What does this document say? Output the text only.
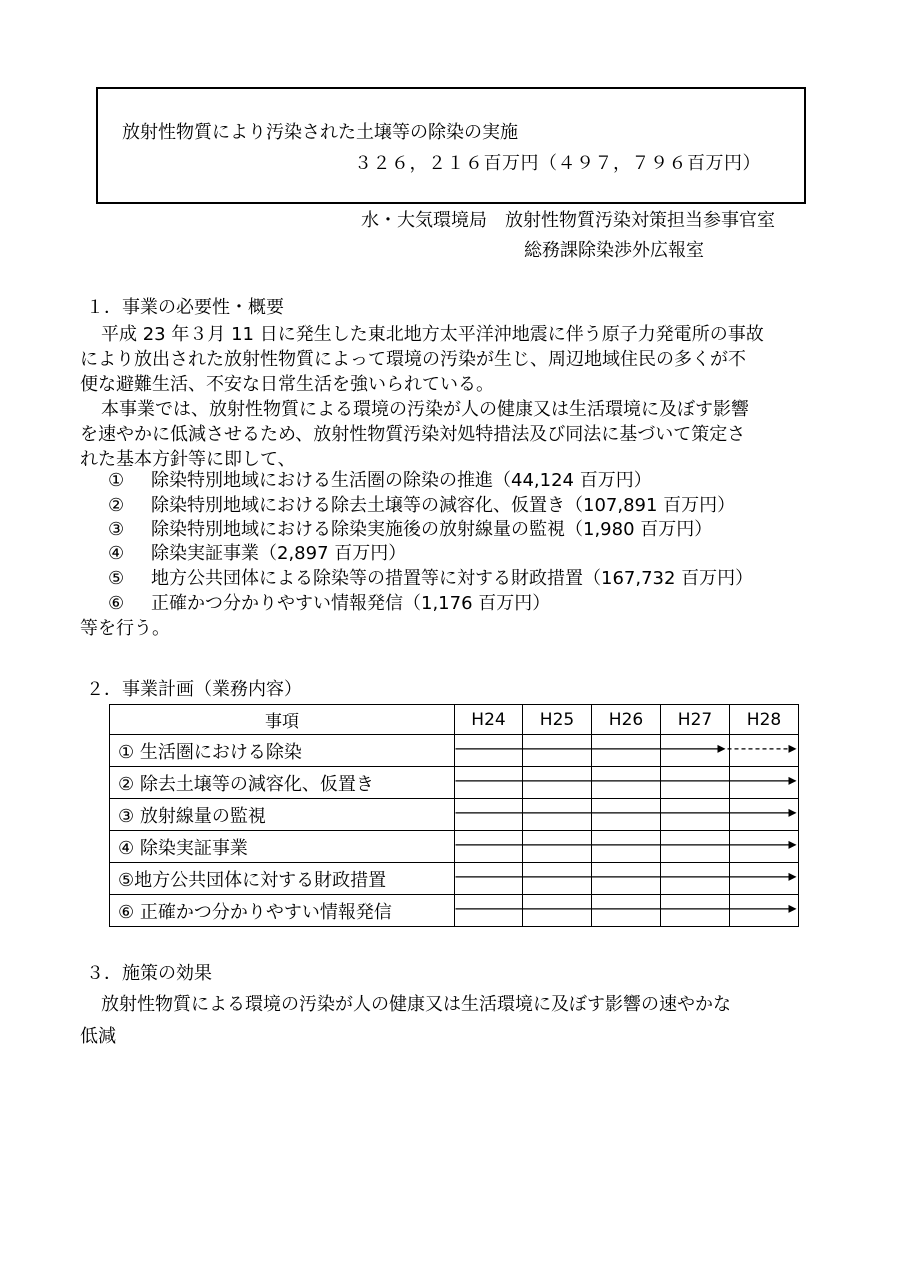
放射性物質により汚染された土壌等の除染の実施
３２６，２１６百万円（４９７，７９６百万円）
水・大気環境局　放射性物質汚染対策担当参事官室
総務課除染渉外広報室
１．事業の必要性・概要
平成 23 年３月 11 日に発生した東北地方太平洋沖地震に伴う原子力発電所の事故
により放出された放射性物質によって環境の汚染が生じ、周辺地域住民の多くが不
便な避難生活、不安な日常生活を強いられている。
本事業では、放射性物質による環境の汚染が人の健康又は生活環境に及ぼす影響
を速やかに低減させるため、放射性物質汚染対処特措法及び同法に基づいて策定さ
れた基本方針等に即して、
① 除染特別地域における生活圏の除染の推進（44,124 百万円）
② 除染特別地域における除去土壌等の減容化、仮置き（107,891 百万円）
③ 除染特別地域における除染実施後の放射線量の監視（1,980 百万円）
④ 除染実証事業（2,897 百万円）
⑤ 地方公共団体による除染等の措置等に対する財政措置（167,732 百万円）
⑥ 正確かつ分かりやすい情報発信（1,176 百万円）
等を行う。
２．事業計画（業務内容）
事項	H24	H25	H26	H27	H28
① 生活圏における除染					
② 除去土壌等の減容化、仮置き					
③ 放射線量の監視					
④ 除染実証事業					
⑤地方公共団体に対する財政措置					
⑥ 正確かつ分かりやすい情報発信					
３．施策の効果
放射性物質による環境の汚染が人の健康又は生活環境に及ぼす影響の速やかな
低減
